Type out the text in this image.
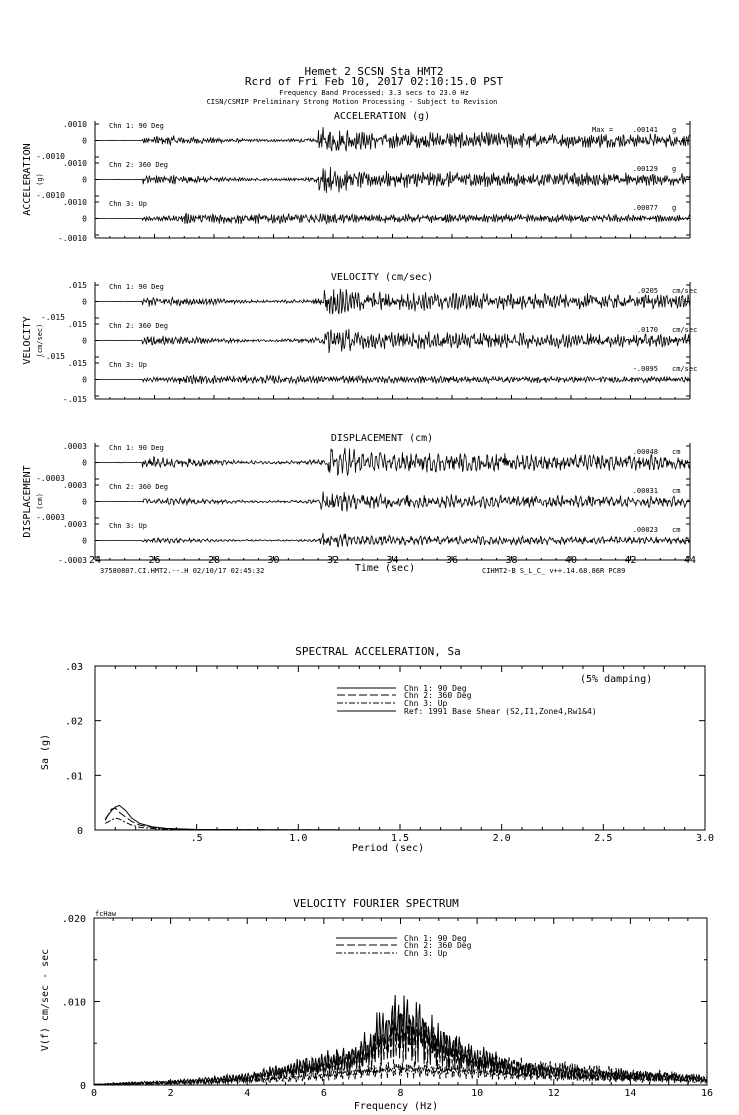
Hemet 2 SCSN Sta HMT2
Rcrd of Fri Feb 10, 2017 02:10:15.0 PST
Frequency Band Processed: 3.3 secs to 23.0 Hz
CISN/CSMIP Preliminary Strong Motion Processing - Subject to Revision
ACCELERATION (g)
ACCELERATION (g)
.0010
0
-.0010
Chn 1: 90 Deg	Max =	.00141 g
.0010
0
-.0010
Chn 2: 360 Deg	.00129 g
.0010
0
-.0010
Chn 3: Up	.00077 g
VELOCITY (cm/sec)
VELOCITY (cm/sec)
.015
0
-.015
Chn 1: 90 Deg	.0205 cm/sec
.015
0
-.015
Chn 2: 360 Deg	.0170 cm/sec
.015
0
-.015
Chn 3: Up	-.0095 cm/sec
DISPLACEMENT (cm)
DISPLACEMENT (cm)
.0003
0
-.0003
Chn 1: 90 Deg	.00048 cm
.0003
0
-.0003
Chn 2: 360 Deg	.00031 cm
.0003
0
-.0003
Chn 3: Up	.00023 cm
24	26	28	30	32	34	36	38	40	42	44
Time (sec)
37580807.CI.HMT2.--.H 02/10/17 02:45:32	CIHMT2-B S_L_C_ v++.14.68.86R PC89
SPECTRAL ACCELERATION, Sa
0
.01
.02
.03
.5	1.0	1.5	2.0	2.5	3.0
Chn 1: 90 Deg
Chn 2: 360 Deg
Chn 3: Up
Ref: 1991 Base Shear (S2,I1,Zone4,Rw1&4)
(5% damping)
Period (sec)
Sa (g)
VELOCITY FOURIER SPECTRUM
fcHaw
0
.010
.020
0	2	4	6	8	10	12	14	16
Chn 1: 90 Deg
Chn 2: 360 Deg
Chn 3: Up
Frequency (Hz)
V(f) cm/sec - sec
